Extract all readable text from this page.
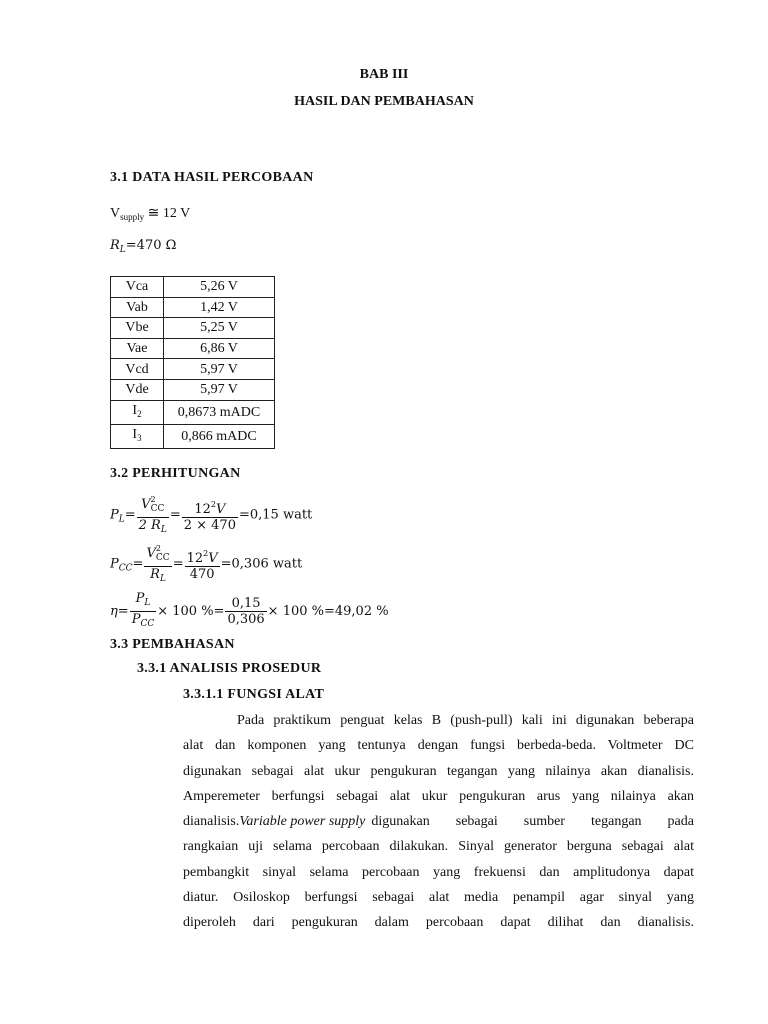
BAB III
HASIL DAN PEMBAHASAN
3.1 DATA HASIL PERCOBAAN
$V_{supply}$ ≅ 12 V
$R_L=470$ Ω
Vca	5,26 V
Vab	1,42 V
Vbe	5,25 V
Vae	6,86 V
Vcd	5,97 V
Vde	5,97 V
$I_2$	0,8673 mADC
$I_3$	0,866 mADC
3.2 PERHITUNGAN
$P_L= \frac{V^2_{CC}}{2 R_L} = \frac{12^2V}{2 \times 470} =0,15$ watt
$P_{CC}= \frac{V^2_{CC}}{R_L} = \frac{12^2V}{470} =0,306$ watt
$\eta= \frac{P_L}{P_{CC}} \times 100$ %= $\frac{0,15}{0,306} \times 100$ %=49,02 %
3.3 PEMBAHASAN
3.3.1 ANALISIS PROSEDUR
3.3.1.1 FUNGSI ALAT
Pada praktikum penguat kelas B (push-pull) kali ini digunakan beberapa
alat dan komponen yang tentunya dengan fungsi berbeda-beda. Voltmeter DC
digunakan sebagai alat ukur pengukuran tegangan yang nilainya akan dianalisis.
Amperemeter berfungsi sebagai alat ukur pengukuran arus yang nilainya akan
dianalisis. Variable power supply digunakan sebagai sumber tegangan pada
rangkaian uji selama percobaan dilakukan. Sinyal generator berguna sebagai alat
pembangkit sinyal selama percobaan yang frekuensi dan amplitudonya dapat
diatur. Osiloskop berfungsi sebagai alat media penampil agar sinyal yang
diperoleh dari pengukuran dalam percobaan dapat dilihat dan dianalisis.
